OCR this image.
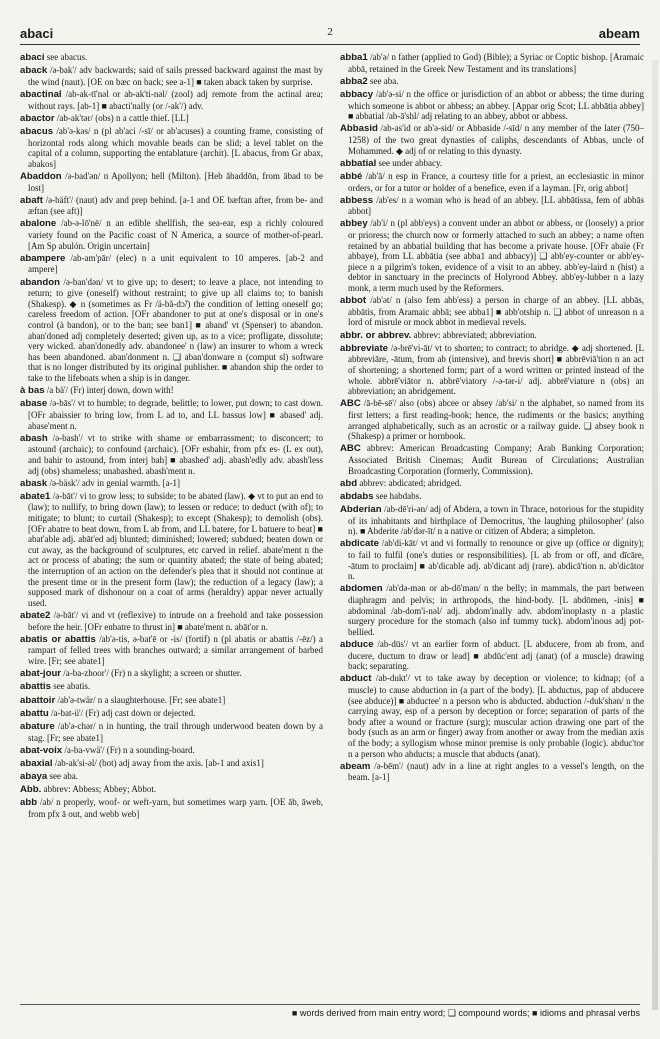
abaci	2	abeam

abaci see abacus.

aback /ə-bak'/ adv backwards; said of sails pressed backward against the mast by the wind (naut). [OE on bæc on back; see a-1] ■ taken aback taken by surprise.

abactinal /ab-ak-tī'nəl or ab-ak'ti-nəl/ (zool) adj remote from the actinal area; without rays. [ab-1] ■ abacti'nally (or /-ak'/) adv.

abactor /ab-ak'tər/ (obs) n a cattle thief. [LL]

abacus /ab'ə-kəs/ n (pl ab'aci /-sī/ or ab'acuses) a counting frame, consisting of horizontal rods along which movable beads can be slid; a level tablet on the capital of a column, supporting the entablature (archit). [L abacus, from Gr abax, abakos]

Abaddon /ə-bad'ən/ n Apollyon; hell (Milton). [Heb ăbaddōn, from ābad to be lost]

abaft /ə-bäft'/ (naut) adv and prep behind. [a-1 and OE bæftan after, from be- and æftan (see aft)]

abalone /ab-ə-lō'nē/ n an edible shellfish, the sea-ear, esp a richly coloured variety found on the Pacific coast of N America, a source of mother-of-pearl. [Am Sp abulón. Origin uncertain]

abampere /ab-am'pār/ (elec) n a unit equivalent to 10 amperes. [ab-2 and ampere]

abandon /ə-ban'dən/ vt to give up; to desert; to leave a place, not intending to return; to give (oneself) without restraint; to give up all claims to; to banish (Shakesp). ◆ n (sometimes as Fr /ä-bã-dɔ̃/) the condition of letting oneself go; careless freedom of action. [OFr abandoner to put at one's disposal or in one's control (à bandon), or to the ban; see ban1] ■ aband' vt (Spenser) to abandon. aban'doned adj completely deserted; given up, as to a vice; profligate, dissolute; very wicked. aban'donedly adv. abandonee' n (law) an insurer to whom a wreck has been abandoned. aban'donment n. ❑ aban'donware n (comput sl) software that is no longer distributed by its original publisher. ■ abandon ship the order to take to the lifeboats when a ship is in danger.

à bas /a bä'/ (Fr) interj down, down with!

abase /ə-bās'/ vt to humble; to degrade, belittle; to lower, put down; to cast down. [OFr abaissier to bring low, from L ad to, and LL bassus low] ■ abased' adj. abase'ment n.

abash /ə-bash'/ vt to strike with shame or embarrassment; to disconcert; to astound (archaic); to confound (archaic). [OFr esbahir, from pfx es- (L ex out), and bahir to astound, from interj bah] ■ abashed' adj. abash'edly adv. abash'less adj (obs) shameless; unabashed. abash'ment n.

abask /ə-bäsk'/ adv in genial warmth. [a-1]

abate1 /ə-bāt'/ vi to grow less; to subside; to be abated (law). ◆ vt to put an end to (law); to nullify, to bring down (law); to lessen or reduce; to deduct (with of); to mitigate; to blunt; to curtail (Shakesp); to except (Shakesp); to demolish (obs). [OFr abatre to beat down, from L ab from, and LL batere, for L batuere to beat] ■ abat'able adj. abāt'ed adj blunted; diminished; lowered; subdued; beaten down or cut away, as the background of sculptures, etc carved in relief. abate'ment n the act or process of abating; the sum or quantity abated; the state of being abated; the interruption of an action on the defender's plea that it should not continue at the present time or in the present form (law); the reduction of a legacy (law); a supposed mark of dishonour on a coat of arms (heraldry) appar never actually used.

abate2 /ə-bāt'/ vi and vt (reflexive) to intrude on a freehold and take possession before the heir. [OFr enbatre to thrust in] ■ abate'ment n. abāt'or n.

abatis or abattis /ab'ə-tis, ə-bat'ē or -is/ (fortif) n (pl abatis or abattis /-ēz/) a rampart of felled trees with branches outward; a similar arrangement of barbed wire. [Fr; see abate1]

abat-jour /a-ba-zhoor'/ (Fr) n a skylight; a screen or shutter.

abattis see abatis.

abattoir /ab'ə-twär/ n a slaughterhouse. [Fr; see abate1]

abattu /a-bat-ü'/ (Fr) adj cast down or dejected.

abature /ab'ə-chər/ n in hunting, the trail through underwood beaten down by a stag. [Fr; see abate1]

abat-voix /a-ba-vwä'/ (Fr) n a sounding-board.

abaxial /ab-ak'si-əl/ (bot) adj away from the axis. [ab-1 and axis1]

abaya see aba.

Abb. abbrev: Abbess; Abbey; Abbot.

abb /ab/ n properly, woof- or weft-yarn, but sometimes warp yarn. [OE āb, āweb, from pfx ā out, and webb web]

abba1 /ab'ə/ n father (applied to God) (Bible); a Syriac or Coptic bishop. [Aramaic abbā, retained in the Greek New Testament and its translations]

abba2 see aba.

abbacy /ab'ə-si/ n the office or jurisdiction of an abbot or abbess; the time during which someone is abbot or abbess; an abbey. [Appar orig Scot; LL abbātia abbey] ■ abbatial /ab-ā'shl/ adj relating to an abbey, abbot or abbess.

Abbasid /ab-as'id or ab'ə-sid/ or Abbaside /-sīd/ n any member of the later (750–1258) of the two great dynasties of caliphs, descendants of Abbas, uncle of Mohammed. ◆ adj of or relating to this dynasty.

abbatial see under abbacy.

abbé /ab'ā/ n esp in France, a courtesy title for a priest, an ecclesiastic in minor orders, or for a tutor or holder of a benefice, even if a layman. [Fr, orig abbot]

abbess /ab'es/ n a woman who is head of an abbey. [LL abbātissa, fem of abbās abbot]

abbey /ab'i/ n (pl abb'eys) a convent under an abbot or abbess, or (loosely) a prior or prioress; the church now or formerly attached to such an abbey; a name often retained by an abbatial building that has become a private house. [OFr abaïe (Fr abbaye), from LL abbātia (see abba1 and abbacy)] ❑ abb'ey-counter or abb'ey-piece n a pilgrim's token, evidence of a visit to an abbey. abb'ey-laird n (hist) a debtor in sanctuary in the precincts of Holyrood Abbey. abb'ey-lubber n a lazy monk, a term much used by the Reformers.

abbot /ab'ət/ n (also fem abb'ess) a person in charge of an abbey. [LL abbās, abbātis, from Aramaic abbā; see abba1] ■ abb'otship n. ❑ abbot of unreason n a lord of misrule or mock abbot in medieval revels.

abbr. or abbrev. abbrev: abbreviated; abbreviation.

abbreviate /ə-brē'vi-āt/ vt to shorten; to contract; to abridge. ◆ adj shortened. [L abbreviāre, -ātum, from ab (intensive), and brevis short] ■ abbrēviā'tion n an act of shortening; a shortened form; part of a word written or printed instead of the whole. abbrē'viātor n. abbrē'viatory /-ə-tər-i/ adj. abbrē'viature n (obs) an abbreviation; an abridgement.

ABC /ā-bē-sē'/ also (obs) abcee or absey /ab'si/ n the alphabet, so named from its first letters; a first reading-book; hence, the rudiments or the basics; anything arranged alphabetically, such as an acrostic or a railway guide. ❑ absey book n (Shakesp) a primer or hornbook.

ABC abbrev: American Broadcasting Company; Arab Banking Corporation; Associated British Cinemas; Audit Bureau of Circulations; Australian Broadcasting Corporation (formerly, Commission).

abd abbrev: abdicated; abridged.

abdabs see habdabs.

Abderian /ab-dē'ri-ən/ adj of Abdera, a town in Thrace, notorious for the stupidity of its inhabitants and birthplace of Democritus, 'the laughing philosopher' (also n). ■ Abderite /ab'dər-īt/ n a native or citizen of Abdera; a simpleton.

abdicate /ab'di-kāt/ vt and vi formally to renounce or give up (office or dignity); to fail to fulfil (one's duties or responsibilities). [L ab from or off, and dīcāre, -ātum to proclaim] ■ ab'dicable adj. ab'dicant adj (rare). abdicā'tion n. ab'dicātor n.

abdomen /ab'də-mən or ab-dō'mən/ n the belly; in mammals, the part between diaphragm and pelvis; in arthropods, the hind-body. [L abdōmen, -inis] ■ abdominal /ab-dom'i-nəl/ adj. abdom'inally adv. abdom'inoplasty n a plastic surgery procedure for the stomach (also inf tummy tuck). abdom'inous adj pot-bellied.

abduce /ab-dūs'/ vt an earlier form of abduct. [L abducere, from ab from, and ducere, ductum to draw or lead] ■ abdūc'ent adj (anat) (of a muscle) drawing back; separating.

abduct /ab-dukt'/ vt to take away by deception or violence; to kidnap; (of a muscle) to cause abduction in (a part of the body). [L abductus, pap of abducere (see abduce)] ■ abductee' n a person who is abducted. abduction /-duk'shən/ n the carrying away, esp of a person by deception or force; separation of parts of the body after a wound or fracture (surg); muscular action drawing one part of the body (such as an arm or finger) away from another or away from the median axis of the body; a syllogism whose minor premise is only probable (logic). abduc'tor n a person who abducts; a muscle that abducts (anat).

abeam /ə-bēm'/ (naut) adv in a line at right angles to a vessel's length, on the beam. [a-1]

■ words derived from main entry word; ❑ compound words; ■ idioms and phrasal verbs
